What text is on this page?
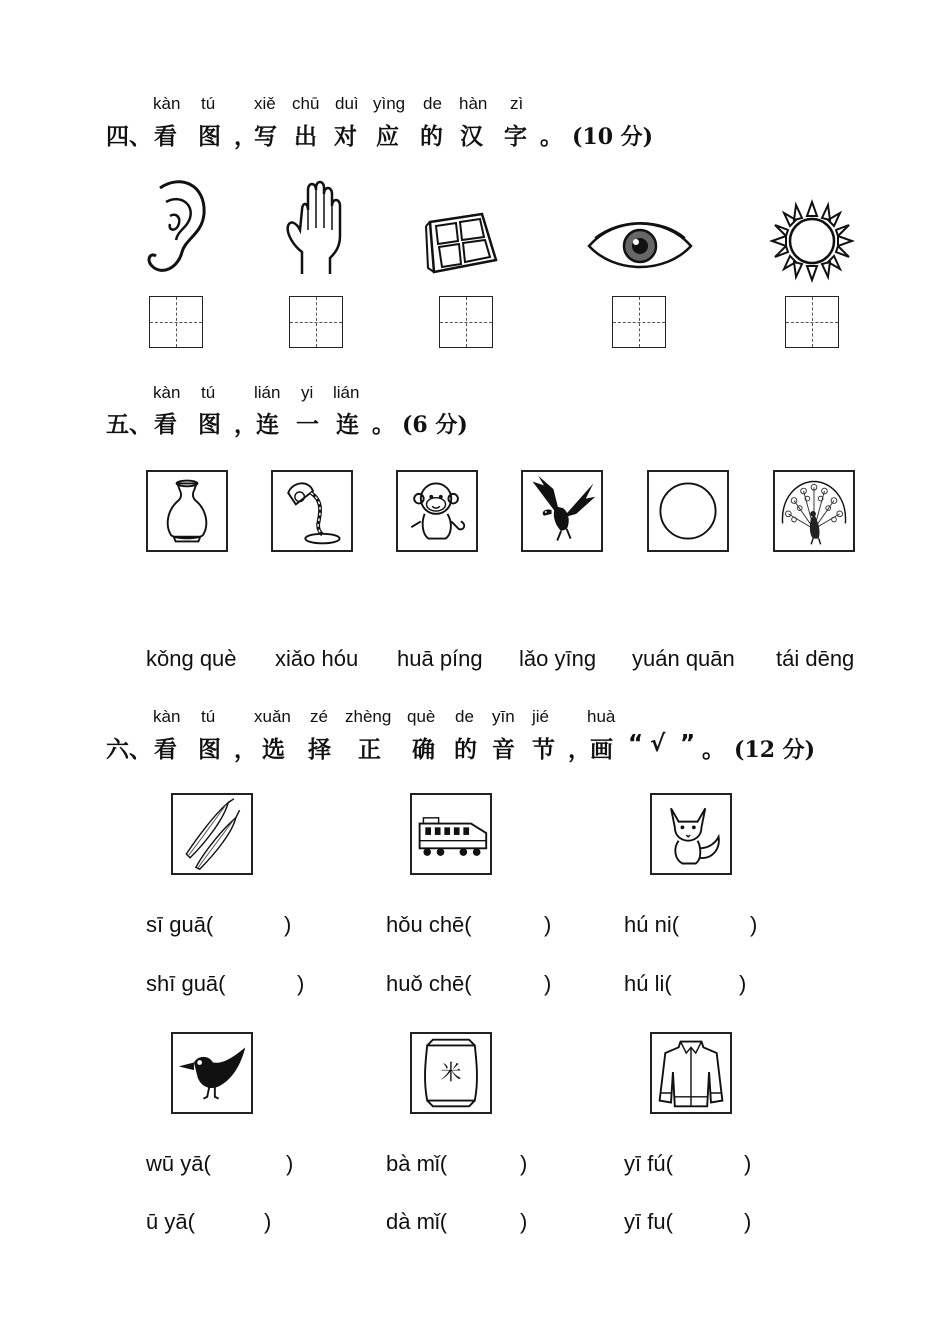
kàn tú xiě chū duì yìng de hàn zì
四、 看 图 ，
写 出 对 应 的 汉 字 。 (10 分)
kàn tú lián yi lián
五、 看 图 ， 连 一 连 。 (6 分)
kǒng què xiǎo hóu huā píng lǎo yīng yuán quān tái dēng
kàn tú xuǎn zé zhèng què de yīn jié huà
六、 看 图 ， 选 择 正 确 的 音 节 ， 画 “ √ ” 。 (12 分)
sī guā(	)
shī guā(	)
hǒu chē(	)
huǒ chē(	)
hú ni(	)
hú li(	)
米
wū yā(	)
ū yā(	)
bà mǐ(	)
dà mǐ(	)
yī fú(	)
yī fu(	)
